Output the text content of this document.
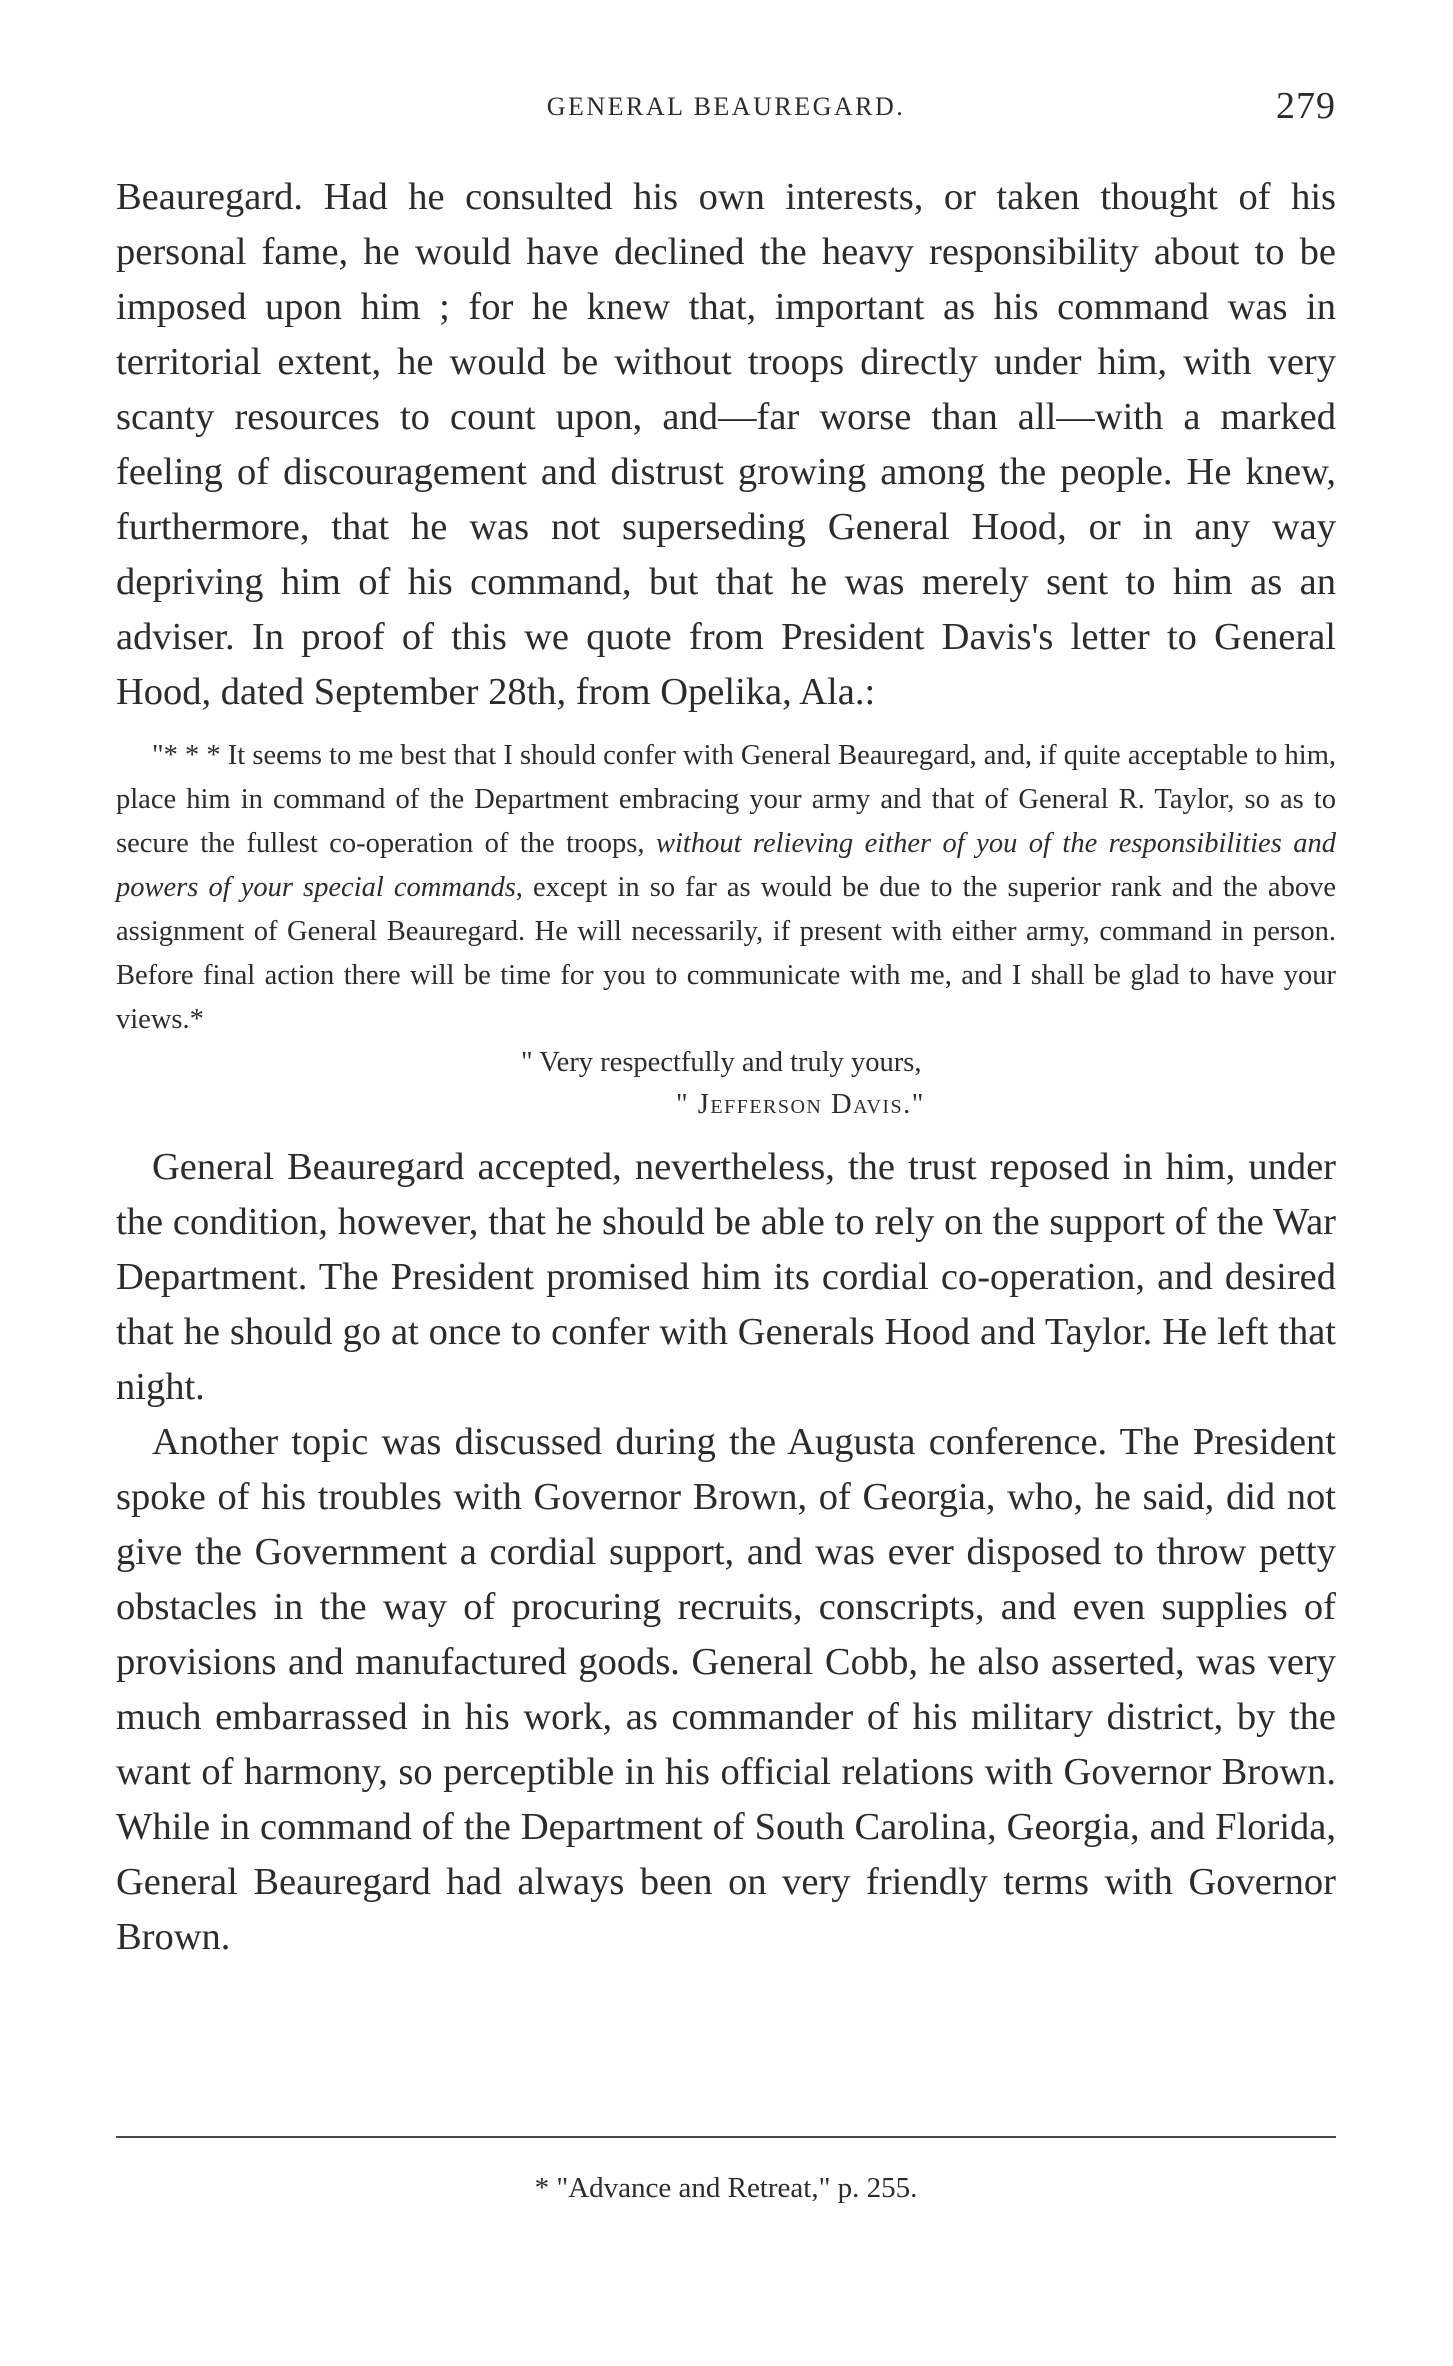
GENERAL BEAUREGARD.	279

Beauregard. Had he consulted his own interests, or taken thought of his personal fame, he would have declined the heavy responsibility about to be imposed upon him ; for he knew that, important as his command was in territorial extent, he would be without troops directly under him, with very scanty resources to count upon, and—far worse than all—with a marked feeling of discouragement and distrust growing among the people. He knew, furthermore, that he was not superseding General Hood, or in any way depriving him of his command, but that he was merely sent to him as an adviser. In proof of this we quote from President Davis's letter to General Hood, dated September 28th, from Opelika, Ala.:

"* * * It seems to me best that I should confer with General Beauregard, and, if quite acceptable to him, place him in command of the Department embracing your army and that of General R. Taylor, so as to secure the fullest co-operation of the troops, without relieving either of you of the responsibilities and powers of your special commands, except in so far as would be due to the superior rank and the above assignment of General Beauregard. He will necessarily, if present with either army, command in person. Before final action there will be time for you to communicate with me, and I shall be glad to have your views.*

" Very respectfully and truly yours,
" Jefferson Davis."

General Beauregard accepted, nevertheless, the trust reposed in him, under the condition, however, that he should be able to rely on the support of the War Department. The President promised him its cordial co-operation, and desired that he should go at once to confer with Generals Hood and Taylor. He left that night.

Another topic was discussed during the Augusta conference. The President spoke of his troubles with Governor Brown, of Georgia, who, he said, did not give the Government a cordial support, and was ever disposed to throw petty obstacles in the way of procuring recruits, conscripts, and even supplies of provisions and manufactured goods. General Cobb, he also asserted, was very much embarrassed in his work, as commander of his military district, by the want of harmony, so perceptible in his official relations with Governor Brown. While in command of the Department of South Carolina, Georgia, and Florida, General Beauregard had always been on very friendly terms with Governor Brown.

* "Advance and Retreat," p. 255.
